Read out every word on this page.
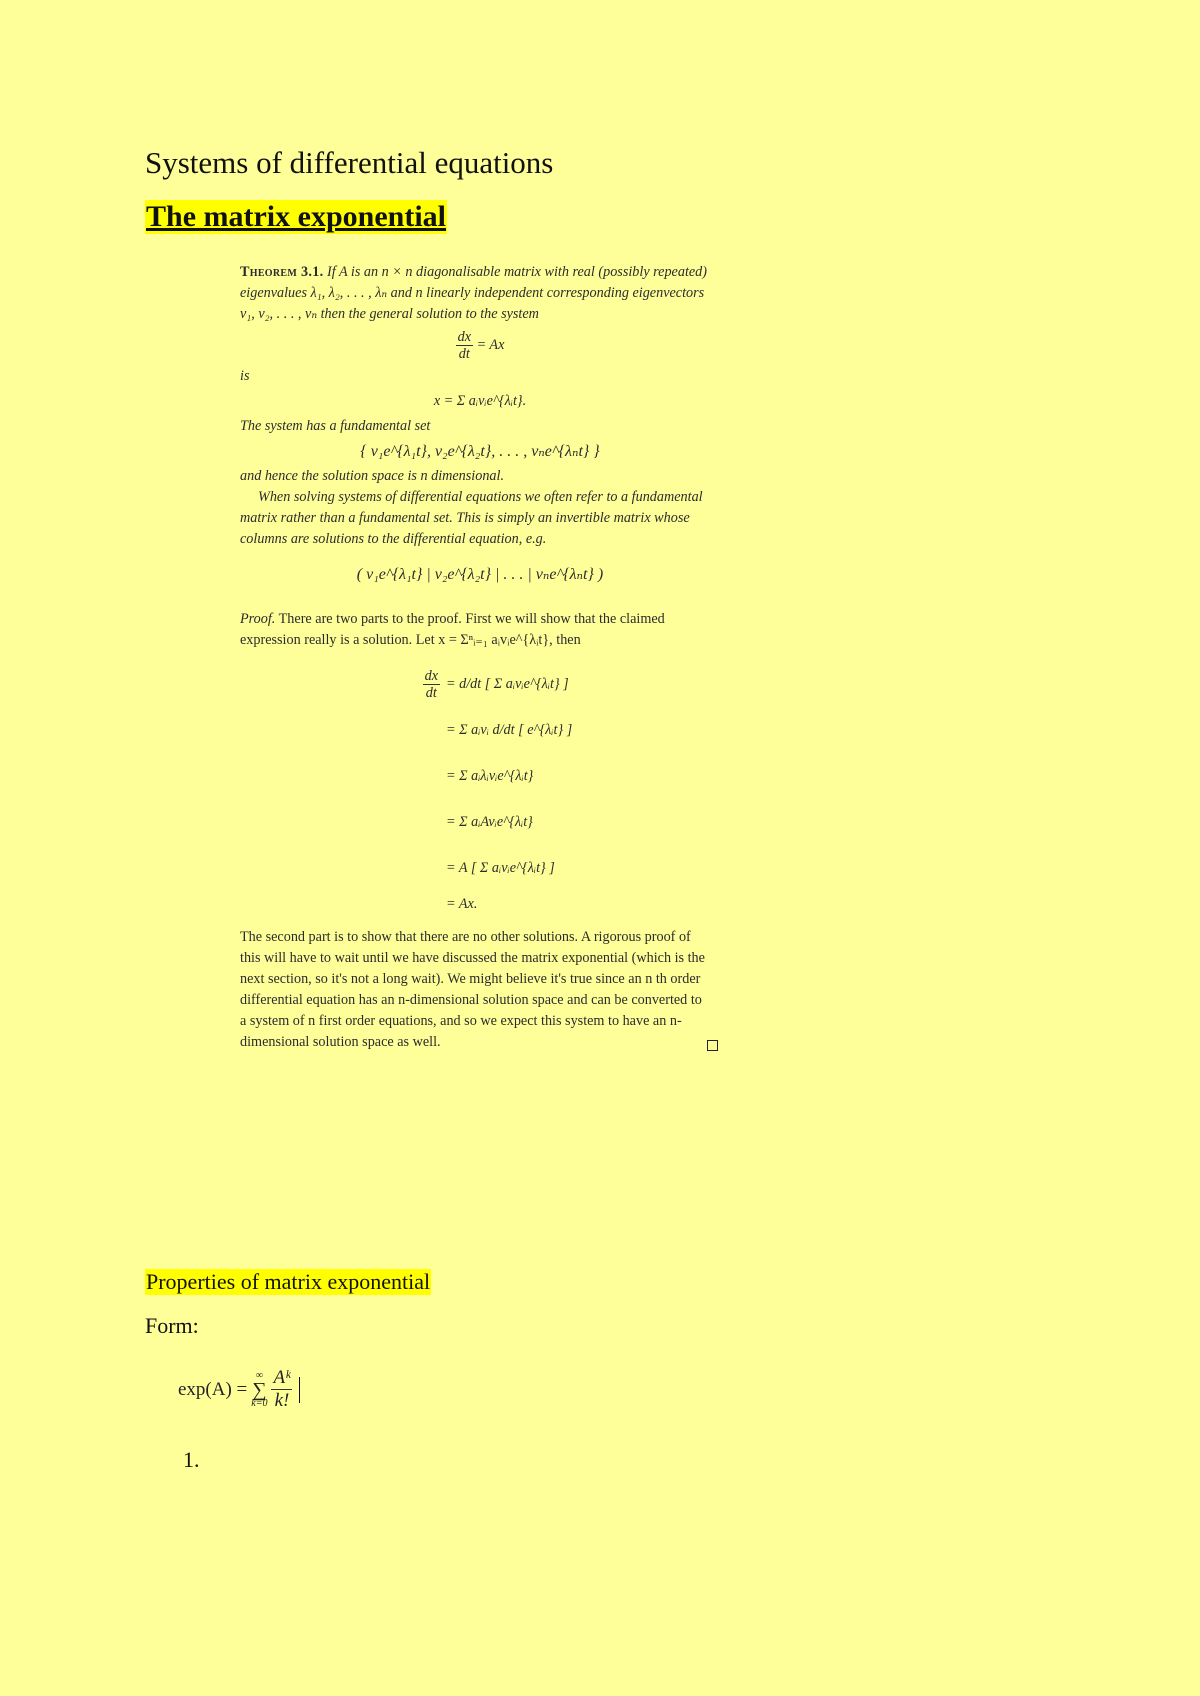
Systems of differential equations
The matrix exponential

Theorem 3.1. If A is an n × n diagonalisable matrix with real (possibly repeated) eigenvalues λ₁, λ₂, . . . , λₙ and n linearly independent corresponding eigenvectors v₁, v₂, . . . , vₙ then the general solution to the system

$\frac{dx}{dt} = Ax$

is

x = Σ aᵢvᵢe^{λᵢt}.

The system has a fundamental set

{ v₁e^{λ₁t}, v₂e^{λ₂t}, . . . , vₙe^{λₙt} }

and hence the solution space is n dimensional.

When solving systems of differential equations we often refer to a fundamental matrix rather than a fundamental set. This is simply an invertible matrix whose columns are solutions to the differential equation, e.g.

( v₁e^{λ₁t} | v₂e^{λ₂t} | . . . | vₙe^{λₙt} )

Proof. There are two parts to the proof. First we will show that the claimed expression really is a solution. Let x = Σⁿᵢ₌₁ aᵢvᵢe^{λᵢt}, then

$\frac{dx}{dt} = d/dt$ [ Σ aᵢvᵢe^{λᵢt} ]
= Σ aᵢvᵢ d/dt [ e^{λᵢt} ]
= Σ aᵢλᵢvᵢe^{λᵢt}
= Σ aᵢAvᵢe^{λᵢt}
= A [ Σ aᵢvᵢe^{λᵢt} ]
= Ax.

The second part is to show that there are no other solutions. A rigorous proof of this will have to wait until we have discussed the matrix exponential (which is the next section, so it's not a long wait). We might believe it's true since an n th order differential equation has an n-dimensional solution space and can be converted to a system of n first order equations, and so we expect this system to have an n-dimensional solution space as well.

Properties of matrix exponential
Form:
exp(A) =
∞
∑
$k=0 \frac{\text{Aᵏ}}{k!}$
1.
